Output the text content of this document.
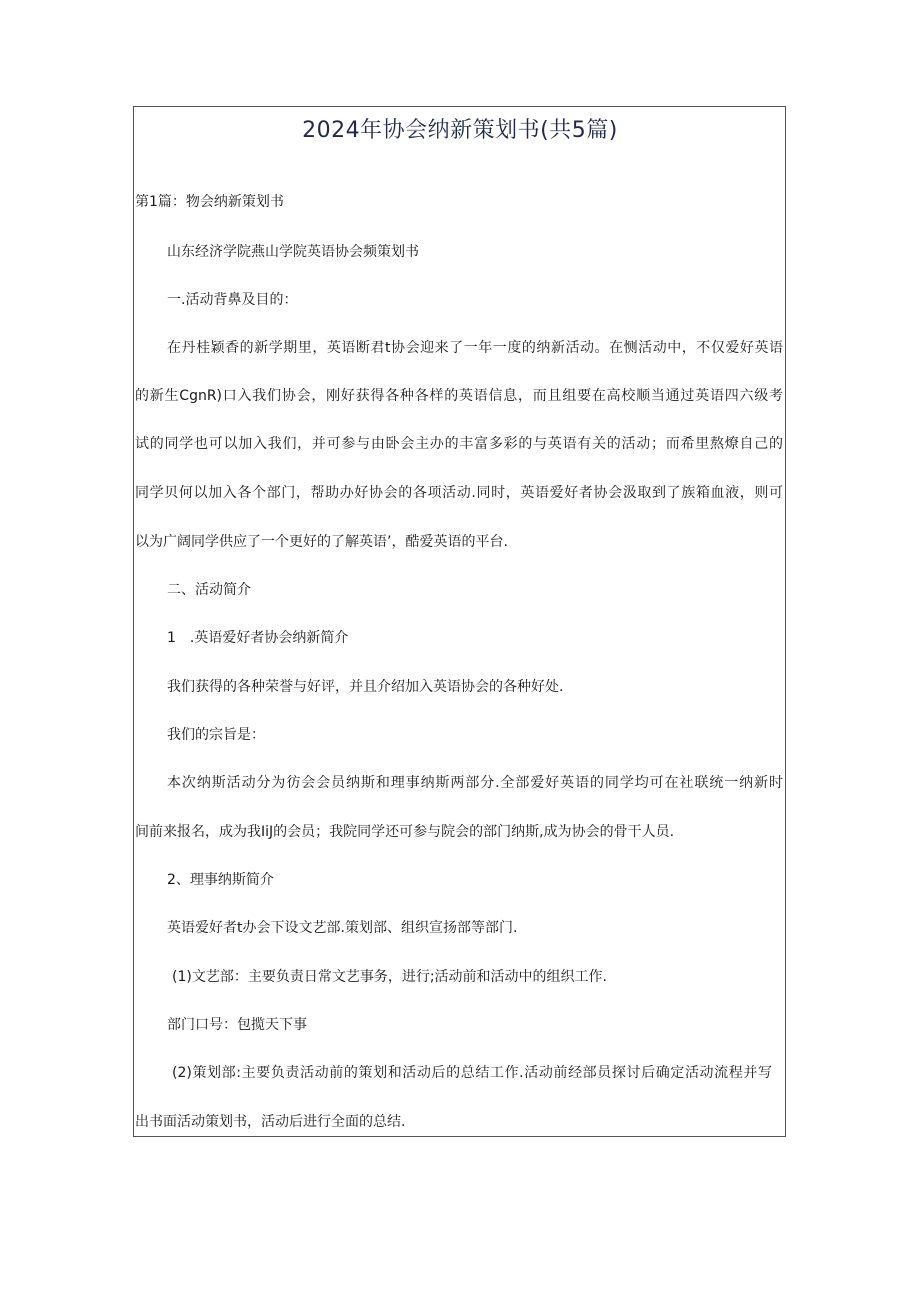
2024年协会纳新策划书(共5篇)

第1篇：物会纳新策划书

山东经济学院燕山学院英语协会频策划书

一.活动背鼻及目的：

在丹桂颖香的新学期里，英语断君t协会迎来了一年一度的纳新活动。在恻活动中，不仅爱好英语

的新生CgnR)口入我们协会，刚好获得各种各样的英语信息，而且组要在高校顺当通过英语四六级考

试的同学也可以加入我们，并可参与由卧会主办的丰富多彩的与英语有关的活动；而希里熬燎自己的

同学贝何以加入各个部门，帮助办好协会的各项活动.同时，英语爱好者协会汲取到了族箱血液，则可

以为广阔同学供应了一个更好的了解英语’，酷爱英语的平台.

二、活动简介

1　.英语爱好者协会纳新简介

我们获得的各种荣誉与好评，并且介绍加入英语协会的各种好处.

我们的宗旨是：

本次纳斯活动分为彷会会员纳斯和理事纳斯两部分.全部爱好英语的同学均可在社联统一纳新时

间前来报名，成为我IiJ的会员；我院同学还可参与院会的部门纳斯,成为协会的骨干人员.

2、理事纳斯简介

英语爱好者t办会下设文艺部.策划部、组织宣扬部等部门.

(1)文艺部：主要负责日常文艺事务，进行;活动前和活动中的组织工作.

部门口号：包揽天下事

(2)策划部:主要负责活动前的策划和活动后的总结工作.活动前经部员探讨后确定活动流程并写

出书面活动策划书，活动后进行全面的总结.
